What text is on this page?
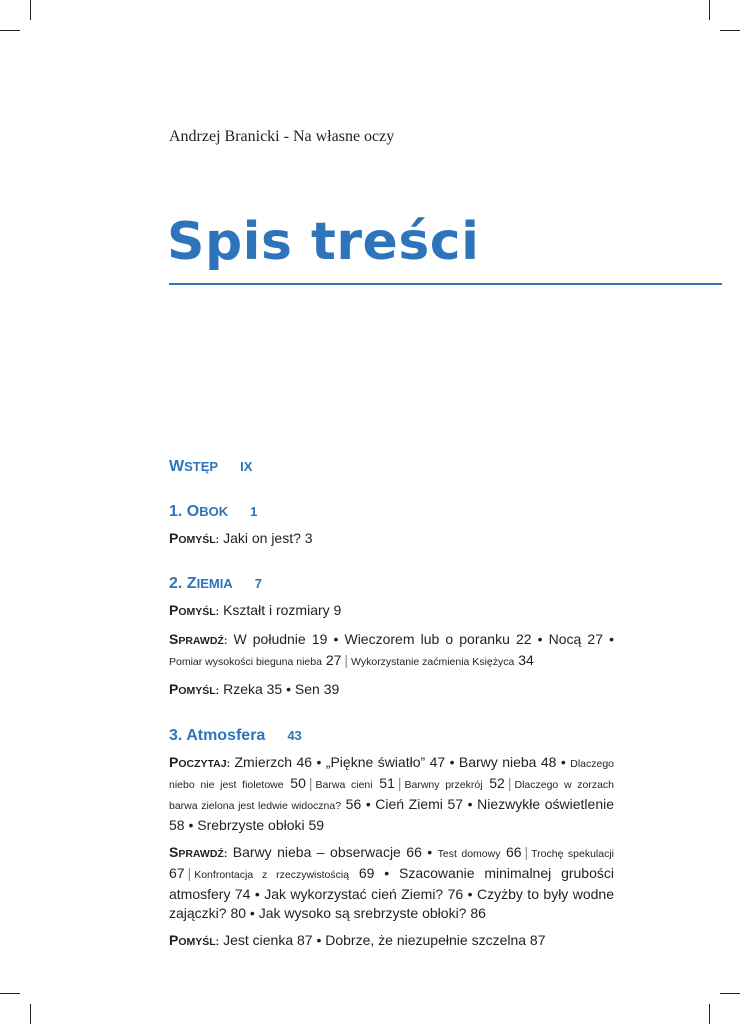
Andrzej Branicki - Na własne oczy
Spis treści
WSTĘP IX
1. OBOK 1
POMYŚL: Jaki on jest? 3
2. ZIEMIA 7
POMYŚL: Kształt i rozmiary 9
SPRAWDŹ: W południe 19 • Wieczorem lub o poranku 22 • Nocą 27 • Pomiar wysokości bieguna nieba 27 | Wykorzystanie zaćmienia Księżyca 34
POMYŚL: Rzeka 35 • Sen 39
3. Atmosfera 43
POCZYTAJ: Zmierzch 46 • „Piękne światło” 47 • Barwy nieba 48 • Dlaczego niebo nie jest fioletowe 50 | Barwa cieni 51 | Barwny przekrój 52 | Dlaczego w zorzach barwa zielona jest ledwie widoczna? 56 • Cień Ziemi 57 • Niezwykłe oświetlenie 58 • Srebrzyste obłoki 59
SPRAWDŹ: Barwy nieba – obserwacje 66 • Test domowy 66 | Trochę spekulacji 67 | Konfrontacja z rzeczywistością 69 • Szacowanie minimalnej grubości atmosfery 74 • Jak wykorzystać cień Ziemi? 76 • Czyżby to były wodne zajączki? 80 • Jak wysoko są srebrzyste obłoki? 86
POMYŚL: Jest cienka 87 • Dobrze, że niezupełnie szczelna 87
